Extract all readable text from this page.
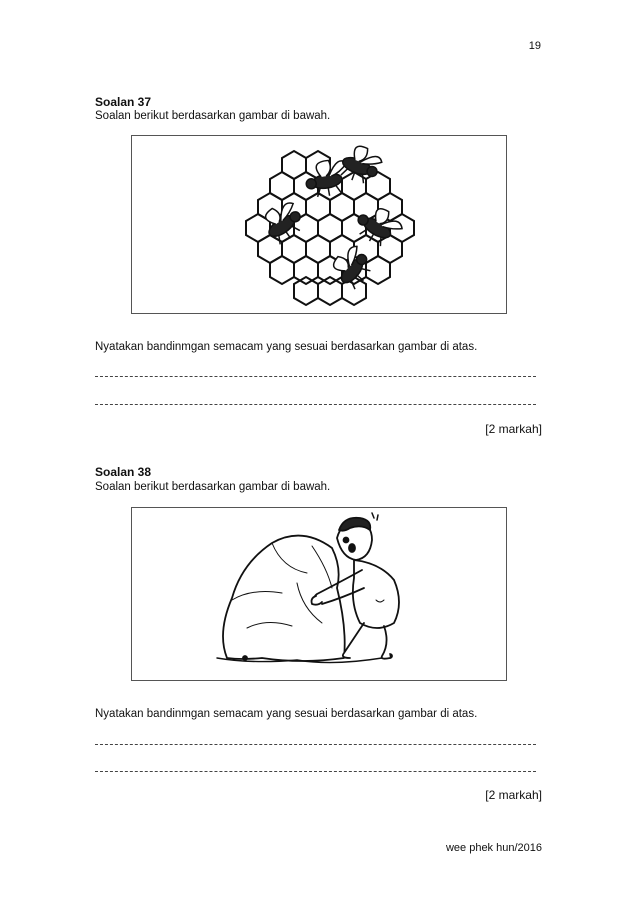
19
Soalan 37
Soalan berikut berdasarkan gambar di bawah.
Nyatakan bandinmgan semacam yang sesuai berdasarkan gambar di atas.
[2 markah]
Soalan 38
Soalan berikut berdasarkan gambar di bawah.
Nyatakan bandinmgan semacam yang sesuai berdasarkan gambar di atas.
[2 markah]
wee phek hun/2016
